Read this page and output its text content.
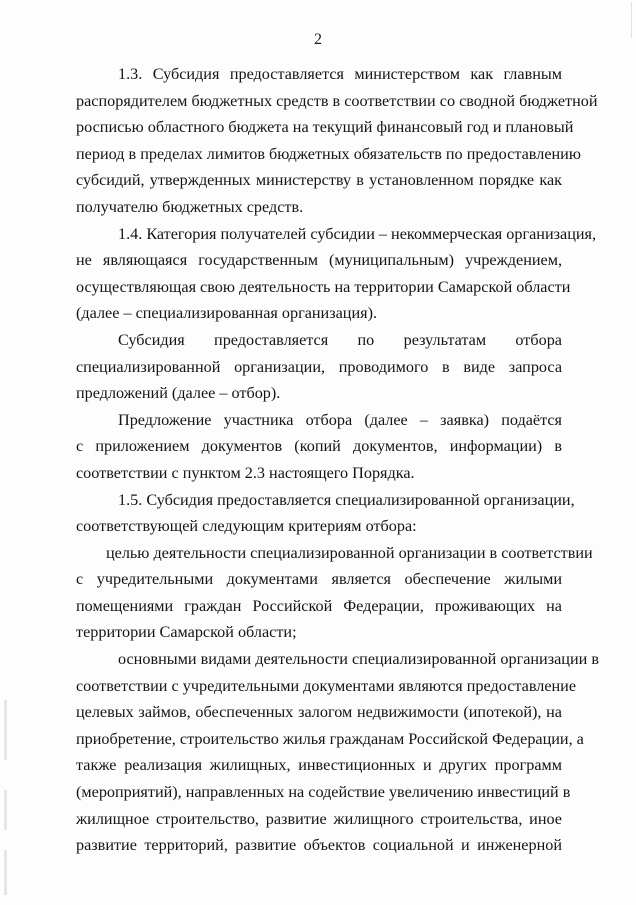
2
1.3. Субсидия предоставляется министерством как главным
распорядителем бюджетных средств в соответствии со сводной бюджетной
росписью областного бюджета на текущий финансовый год и плановый
период в пределах лимитов бюджетных обязательств по предоставлению
субсидий, утвержденных министерству в установленном порядке как
получателю бюджетных средств.
1.4. Категория получателей субсидии – некоммерческая организация,
не являющаяся государственным (муниципальным) учреждением,
осуществляющая свою деятельность на территории Самарской области
(далее – специализированная организация).
Субсидия предоставляется по результатам отбора
специализированной организации, проводимого в виде запроса
предложений (далее – отбор).
Предложение участника отбора (далее – заявка) подаётся
с приложением документов (копий документов, информации) в
соответствии с пунктом 2.3 настоящего Порядка.
1.5. Субсидия предоставляется специализированной организации,
соответствующей следующим критериям отбора:
целью деятельности специализированной организации в соответствии
с учредительными документами является обеспечение жилыми
помещениями граждан Российской Федерации, проживающих на
территории Самарской области;
основными видами деятельности специализированной организации в
соответствии с учредительными документами являются предоставление
целевых займов, обеспеченных залогом недвижимости (ипотекой), на
приобретение, строительство жилья гражданам Российской Федерации, а
также реализация жилищных, инвестиционных и других программ
(мероприятий), направленных на содействие увеличению инвестиций в
жилищное строительство, развитие жилищного строительства, иное
развитие территорий, развитие объектов социальной и инженерной
